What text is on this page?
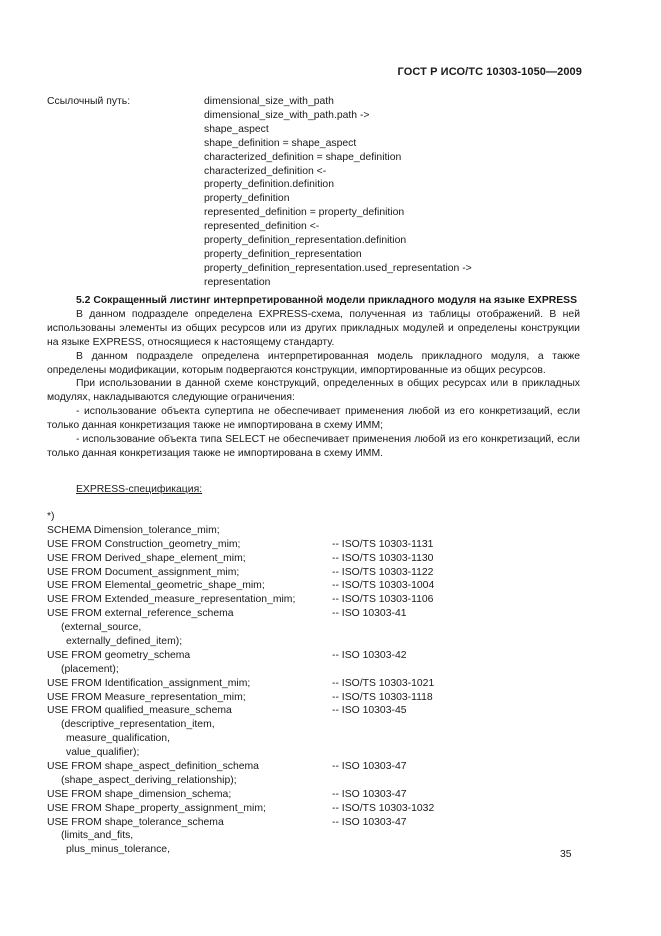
ГОСТ Р ИСО/ТС 10303-1050—2009
Ссылочный путь:	dimensional_size_with_path
dimensional_size_with_path.path ->
shape_aspect
shape_definition = shape_aspect
characterized_definition = shape_definition
characterized_definition <-
property_definition.definition
property_definition
represented_definition = property_definition
represented_definition <-
property_definition_representation.definition
property_definition_representation
property_definition_representation.used_representation ->
representation
5.2 Сокращенный листинг интерпретированной модели прикладного модуля на языке EXPRESS

В данном подразделе определена EXPRESS-схема, полученная из таблицы отображений. В ней использованы элементы из общих ресурсов или из других прикладных модулей и определены конструкции на языке EXPRESS, относящиеся к настоящему стандарту.

В данном подразделе определена интерпретированная модель прикладного модуля, а также определены модификации, которым подвергаются конструкции, импортированные из общих ресурсов.

При использовании в данной схеме конструкций, определенных в общих ресурсах или в прикладных модулях, накладываются следующие ограничения:

- использование объекта супертипа не обеспечивает применения любой из его конкретизаций, если только данная конкретизация также не импортирована в схему ИММ;

- использование объекта типа SELECT не обеспечивает применения любой из его конкретизаций, если только данная конкретизация также не импортирована в схему ИММ.

EXPRESS-спецификация:
*)
SCHEMA Dimension_tolerance_mim;
USE FROM Construction_geometry_mim;	-- ISO/TS 10303-1131
USE FROM Derived_shape_element_mim;	-- ISO/TS 10303-1130
USE FROM Document_assignment_mim;	-- ISO/TS 10303-1122
USE FROM Elemental_geometric_shape_mim;	-- ISO/TS 10303-1004
USE FROM Extended_measure_representation_mim;	-- ISO/TS 10303-1106
USE FROM external_reference_schema	-- ISO 10303-41
(external_source,
externally_defined_item);
USE FROM geometry_schema	-- ISO 10303-42
(placement);
USE FROM Identification_assignment_mim;	-- ISO/TS 10303-1021
USE FROM Measure_representation_mim;	-- ISO/TS 10303-1118
USE FROM qualified_measure_schema	-- ISO 10303-45
(descriptive_representation_item,
measure_qualification,
value_qualifier);
USE FROM shape_aspect_definition_schema	-- ISO 10303-47
(shape_aspect_deriving_relationship);
USE FROM shape_dimension_schema;	-- ISO 10303-47
USE FROM Shape_property_assignment_mim;	-- ISO/TS 10303-1032
USE FROM shape_tolerance_schema	-- ISO 10303-47
(limits_and_fits,
plus_minus_tolerance,	35
